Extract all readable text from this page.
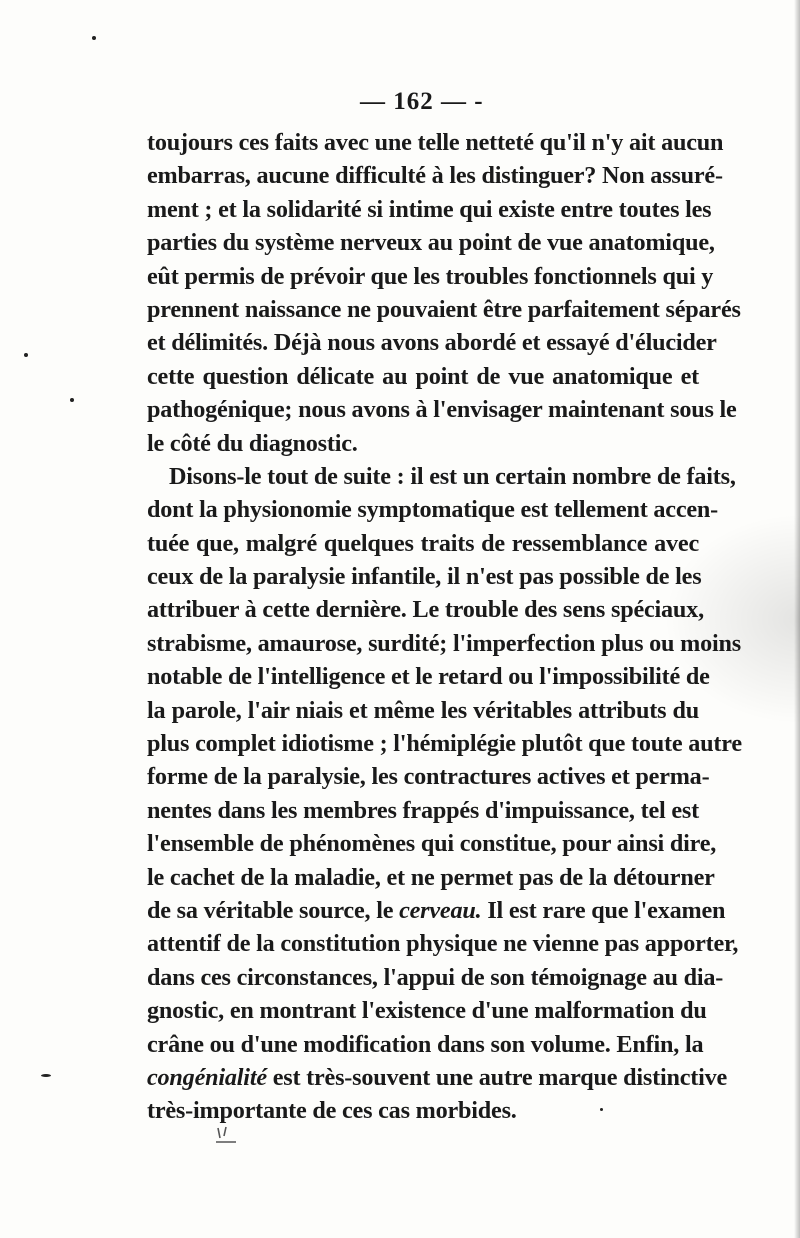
— 162 — -
toujours ces faits avec une telle netteté qu'il n'y ait aucun
embarras, aucune difficulté à les distinguer? Non assuré-
ment ; et la solidarité si intime qui existe entre toutes les
parties du système nerveux au point de vue anatomique,
eût permis de prévoir que les troubles fonctionnels qui y
prennent naissance ne pouvaient être parfaitement séparés
et délimités. Déjà nous avons abordé et essayé d'élucider
cette question délicate au point de vue anatomique et
pathogénique; nous avons à l'envisager maintenant sous le
le côté du diagnostic.
Disons-le tout de suite : il est un certain nombre de faits,
dont la physionomie symptomatique est tellement accen-
tuée que, malgré quelques traits de ressemblance avec
ceux de la paralysie infantile, il n'est pas possible de les
attribuer à cette dernière. Le trouble des sens spéciaux,
strabisme, amaurose, surdité; l'imperfection plus ou moins
notable de l'intelligence et le retard ou l'impossibilité de
la parole, l'air niais et même les véritables attributs du
plus complet idiotisme ; l'hémiplégie plutôt que toute autre
forme de la paralysie, les contractures actives et perma-
nentes dans les membres frappés d'impuissance, tel est
l'ensemble de phénomènes qui constitue, pour ainsi dire,
le cachet de la maladie, et ne permet pas de la détourner
de sa véritable source, le cerveau. Il est rare que l'examen
attentif de la constitution physique ne vienne pas apporter,
dans ces circonstances, l'appui de son témoignage au dia-
gnostic, en montrant l'existence d'une malformation du
crâne ou d'une modification dans son volume. Enfin, la
congénialité est très-souvent une autre marque distinctive
très-importante de ces cas morbides.
